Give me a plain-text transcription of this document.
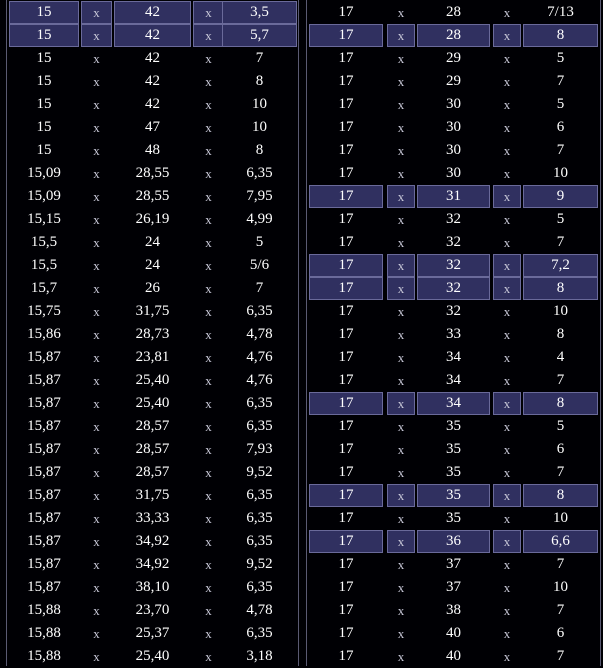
15	x	42	x	3,5
15	x	42	x	5,7
15	x	42	x	7
15	x	42	x	8
15	x	42	x	10
15	x	47	x	10
15	x	48	x	8
15,09	x	28,55	x	6,35
15,09	x	28,55	x	7,95
15,15	x	26,19	x	4,99
15,5	x	24	x	5
15,5	x	24	x	5/6
15,7	x	26	x	7
15,75	x	31,75	x	6,35
15,86	x	28,73	x	4,78
15,87	x	23,81	x	4,76
15,87	x	25,40	x	4,76
15,87	x	25,40	x	6,35
15,87	x	28,57	x	6,35
15,87	x	28,57	x	7,93
15,87	x	28,57	x	9,52
15,87	x	31,75	x	6,35
15,87	x	33,33	x	6,35
15,87	x	34,92	x	6,35
15,87	x	34,92	x	9,52
15,87	x	38,10	x	6,35
15,88	x	23,70	x	4,78
15,88	x	25,37	x	6,35
15,88	x	25,40	x	3,18
17	x	28	x	7/13
17	x	28	x	8
17	x	29	x	5
17	x	29	x	7
17	x	30	x	5
17	x	30	x	6
17	x	30	x	7
17	x	30	x	10
17	x	31	x	9
17	x	32	x	5
17	x	32	x	7
17	x	32	x	7,2
17	x	32	x	8
17	x	32	x	10
17	x	33	x	8
17	x	34	x	4
17	x	34	x	7
17	x	34	x	8
17	x	35	x	5
17	x	35	x	6
17	x	35	x	7
17	x	35	x	8
17	x	35	x	10
17	x	36	x	6,6
17	x	37	x	7
17	x	37	x	10
17	x	38	x	7
17	x	40	x	6
17	x	40	x	7
